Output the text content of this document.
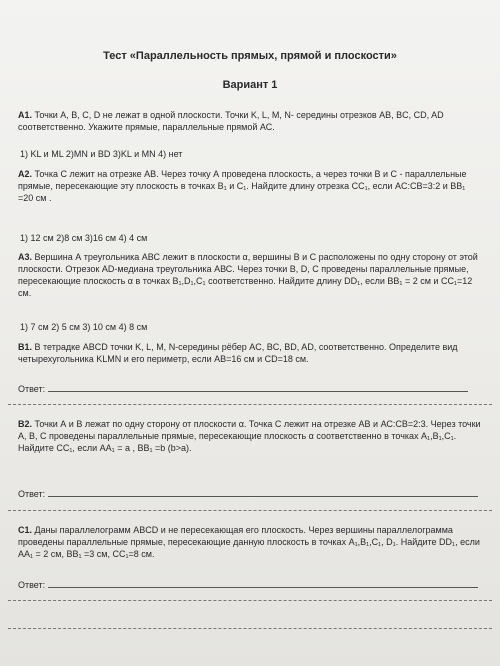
Тест «Параллельность прямых, прямой и плоскости»
Вариант 1
А1. Точки А, В, С, D не лежат в одной плоскости. Точки K, L, M, N- середины отрезков AB, BC, CD, AD соответственно. Укажите прямые, параллельные прямой АС.
1) KL и ML 2)MN и BD 3)KL и MN 4) нет
А2. Точка С лежит на отрезке АВ. Через точку А проведена плоскость, а через точки В и С - параллельные прямые, пересекающие эту плоскость в точках B₁ и C₁. Найдите длину отрезка CC₁, если AC:CB=3:2 и BB₁ =20 см .
1) 12 см 2)8 см 3)16 см 4) 4 см
А3. Вершина А треугольника АВС лежит в плоскости α, вершины В и С расположены по одну сторону от этой плоскости. Отрезок AD-медиана треугольника АВС. Через точки В, D, С проведены параллельные прямые, пересекающие плоскость α в точках B₁,D₁,C₁ соответственно. Найдите длину DD₁, если BB₁ = 2 см и CC₁=12 см.
1) 7 см 2) 5 см 3) 10 см 4) 8 см
В1. В тетрадке ABCD точки K, L, M, N-середины рёбер AC, BC, BD, AD, соответственно. Определите вид четырехугольника KLMN и его периметр, если AB=16 см и CD=18 см.
Ответ:
В2. Точки А и В лежат по одну сторону от плоскости α. Точка С лежит на отрезке АВ и АС:СВ=2:3. Через точки А, В, С проведены параллельные прямые, пересекающие плоскость α соответственно в точках A₁,B₁,C₁. Найдите CC₁, если AA₁ = a , BB₁ =b (b>a).
Ответ:
С1. Даны параллелограмм ABCD и не пересекающая его плоскость. Через вершины параллелограмма проведены параллельные прямые, пересекающие данную плоскость в точках A₁,B₁,C₁, D₁. Найдите DD₁, если AA₁ = 2 см, BB₁ =3 см, CC₁=8 см.
Ответ:
